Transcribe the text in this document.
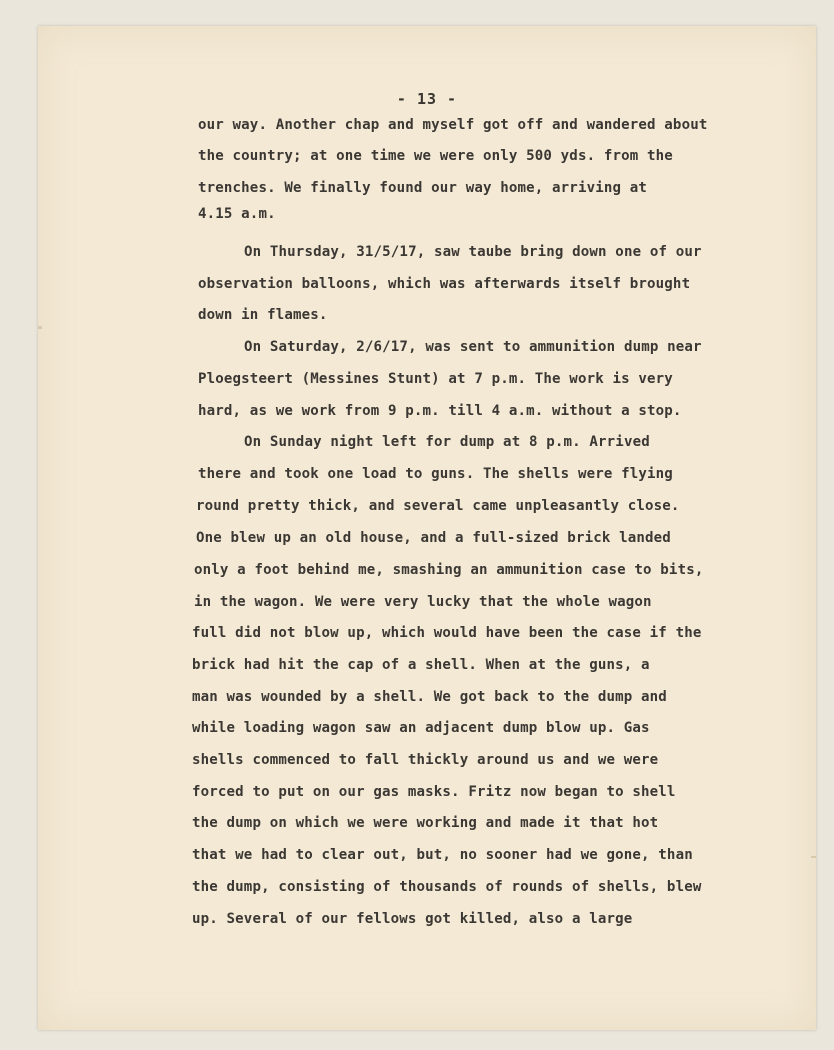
- 13 -
our way. Another chap and myself got off and wandered about
the country; at one time we were only 500 yds. from the
trenches. We finally found our way home, arriving at
4.15 a.m.
On Thursday, 31/5/17, saw taube bring down one of our
observation balloons, which was afterwards itself brought
down in flames.
On Saturday, 2/6/17, was sent to ammunition dump near
Ploegsteert (Messines Stunt) at 7 p.m. The work is very
hard, as we work from 9 p.m. till 4 a.m. without a stop.
On Sunday night left for dump at 8 p.m. Arrived
there and took one load to guns. The shells were flying
round pretty thick, and several came unpleasantly close.
One blew up an old house, and a full-sized brick landed
only a foot behind me, smashing an ammunition case to bits,
in the wagon. We were very lucky that the whole wagon
full did not blow up, which would have been the case if the
brick had hit the cap of a shell. When at the guns, a
man was wounded by a shell. We got back to the dump and
while loading wagon saw an adjacent dump blow up. Gas
shells commenced to fall thickly around us and we were
forced to put on our gas masks. Fritz now began to shell
the dump on which we were working and made it that hot
that we had to clear out, but, no sooner had we gone, than
the dump, consisting of thousands of rounds of shells, blew
up. Several of our fellows got killed, also a large
